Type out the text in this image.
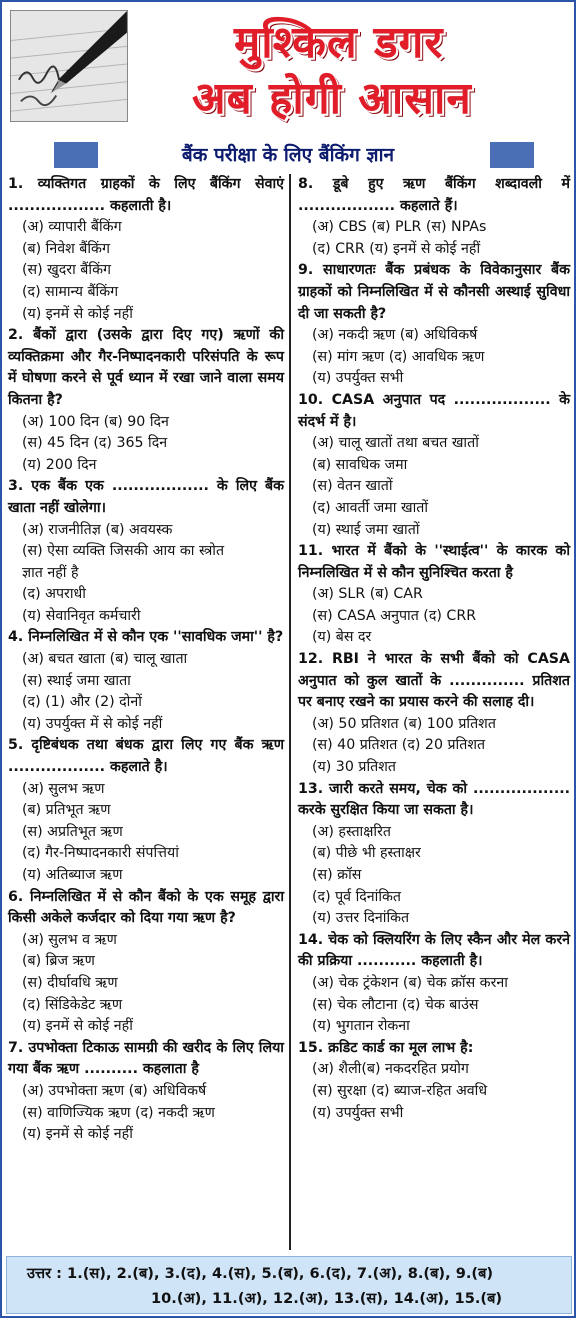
मुश्किल डगर
अब होगी आसान
बैंक परीक्षा के लिए बैंकिंग ज्ञान
1. व्यक्तिगत ग्राहकों के लिए बैंकिंग सेवाएं .................. कहलाती है।
(अ) व्यापारी बैंकिंग
(ब) निवेश बैंकिंग
(स) खुदरा बैंकिंग
(द) सामान्य बैंकिंग
(य) इनमें से कोई नहीं
2. बैंकों द्वारा (उसके द्वारा दिए गए) ऋणों की व्यक्तिक्रमा और गैर-निष्पादनकारी परिसंपति के रूप में घोषणा करने से पूर्व ध्यान में रखा जाने वाला समय कितना है?
(अ) 100 दिन (ब) 90 दिन
(स) 45 दिन (द) 365 दिन
(य) 200 दिन
3. एक बैंक एक .................. के लिए बैंक खाता नहीं खोलेगा।
(अ) राजनीतिज्ञ (ब) अवयस्क
(स) ऐसा व्यक्ति जिसकी आय का स्त्रोत
ज्ञात नहीं है
(द) अपराधी
(य) सेवानिवृत कर्मचारी
4. निम्नलिखित में से कौन एक ''सावधिक जमा'' है?
(अ) बचत खाता (ब) चालू खाता
(स) स्थाई जमा खाता
(द) (1) और (2) दोनों
(य) उपर्युक्त में से कोई नहीं
5. दृष्टिबंधक तथा बंधक द्वारा लिए गए बैंक ऋण .................. कहलाते है।
(अ) सुलभ ऋण
(ब) प्रतिभूत ऋण
(स) अप्रतिभूत ऋण
(द) गैर-निष्पादनकारी संपत्तियां
(य) अतिब्याज ऋण
6. निम्नलिखित में से कौन बैंको के एक समूह द्वारा किसी अकेले कर्जदार को दिया गया ऋण है?
(अ) सुलभ व ऋण
(ब) ब्रिज ऋण
(स) दीर्घावधि ऋण
(द) सिंडिकेडेट ऋण
(य) इनमें से कोई नहीं
7. उपभोक्ता टिकाऊ सामग्री की खरीद के लिए लिया गया बैंक ऋण .......... कहलाता है
(अ) उपभोक्ता ऋण (ब) अधिविकर्ष
(स) वाणिज्यिक ऋण (द) नकदी ऋण
(य) इनमें से कोई नहीं
8. डूबे हुए ऋण बैंकिंग शब्दावली में .................. कहलाते हैं।
(अ) CBS (ब) PLR (स) NPAs
(द) CRR (य) इनमें से कोई नहीं
9. साधारणतः बैंक प्रबंधक के विवेकानुसार बैंक ग्राहकों को निम्नलिखित में से कौनसी अस्थाई सुविधा दी जा सकती है?
(अ) नकदी ऋण (ब) अधिविकर्ष
(स) मांग ऋण (द) आवधिक ऋण
(य) उपर्युक्त सभी
10. CASA अनुपात पद .................. के संदर्भ में है।
(अ) चालू खातों तथा बचत खातों
(ब) सावधिक जमा
(स) वेतन खातों
(द) आवर्ती जमा खातों
(य) स्थाई जमा खातों
11. भारत में बैंको के ''स्थाईत्व'' के कारक को निम्नलिखित में से कौन सुनिश्चित करता है
(अ) SLR (ब) CAR
(स) CASA अनुपात (द) CRR
(य) बेस दर
12. RBI ने भारत के सभी बैंको को CASA अनुपात को कुल खातों के .............. प्रतिशत पर बनाए रखने का प्रयास करने की सलाह दी।
(अ) 50 प्रतिशत (ब) 100 प्रतिशत
(स) 40 प्रतिशत (द) 20 प्रतिशत
(य) 30 प्रतिशत
13. जारी करते समय, चेक को .................. करके सुरक्षित किया जा सकता है।
(अ) हस्ताक्षरित
(ब) पीछे भी हस्ताक्षर
(स) क्रॉस
(द) पूर्व दिनांकित
(य) उत्तर दिनांकित
14. चेक को क्लियरिंग के लिए स्कैन और मेल करने की प्रक्रिया ........... कहलाती है।
(अ) चेक ट्रंकेशन (ब) चेक क्रॉस करना
(स) चेक लौटाना (द) चेक बाउंस
(य) भुगतान रोकना
15. क्रडिट कार्ड का मूल लाभ है:
(अ) शैली(ब) नकदरहित प्रयोग
(स) सुरक्षा (द) ब्याज-रहित अवधि
(य) उपर्युक्त सभी
उत्तर : 1.(स), 2.(ब), 3.(द), 4.(स), 5.(ब), 6.(द), 7.(अ), 8.(ब), 9.(ब)
10.(अ), 11.(अ), 12.(अ), 13.(स), 14.(अ), 15.(ब)
